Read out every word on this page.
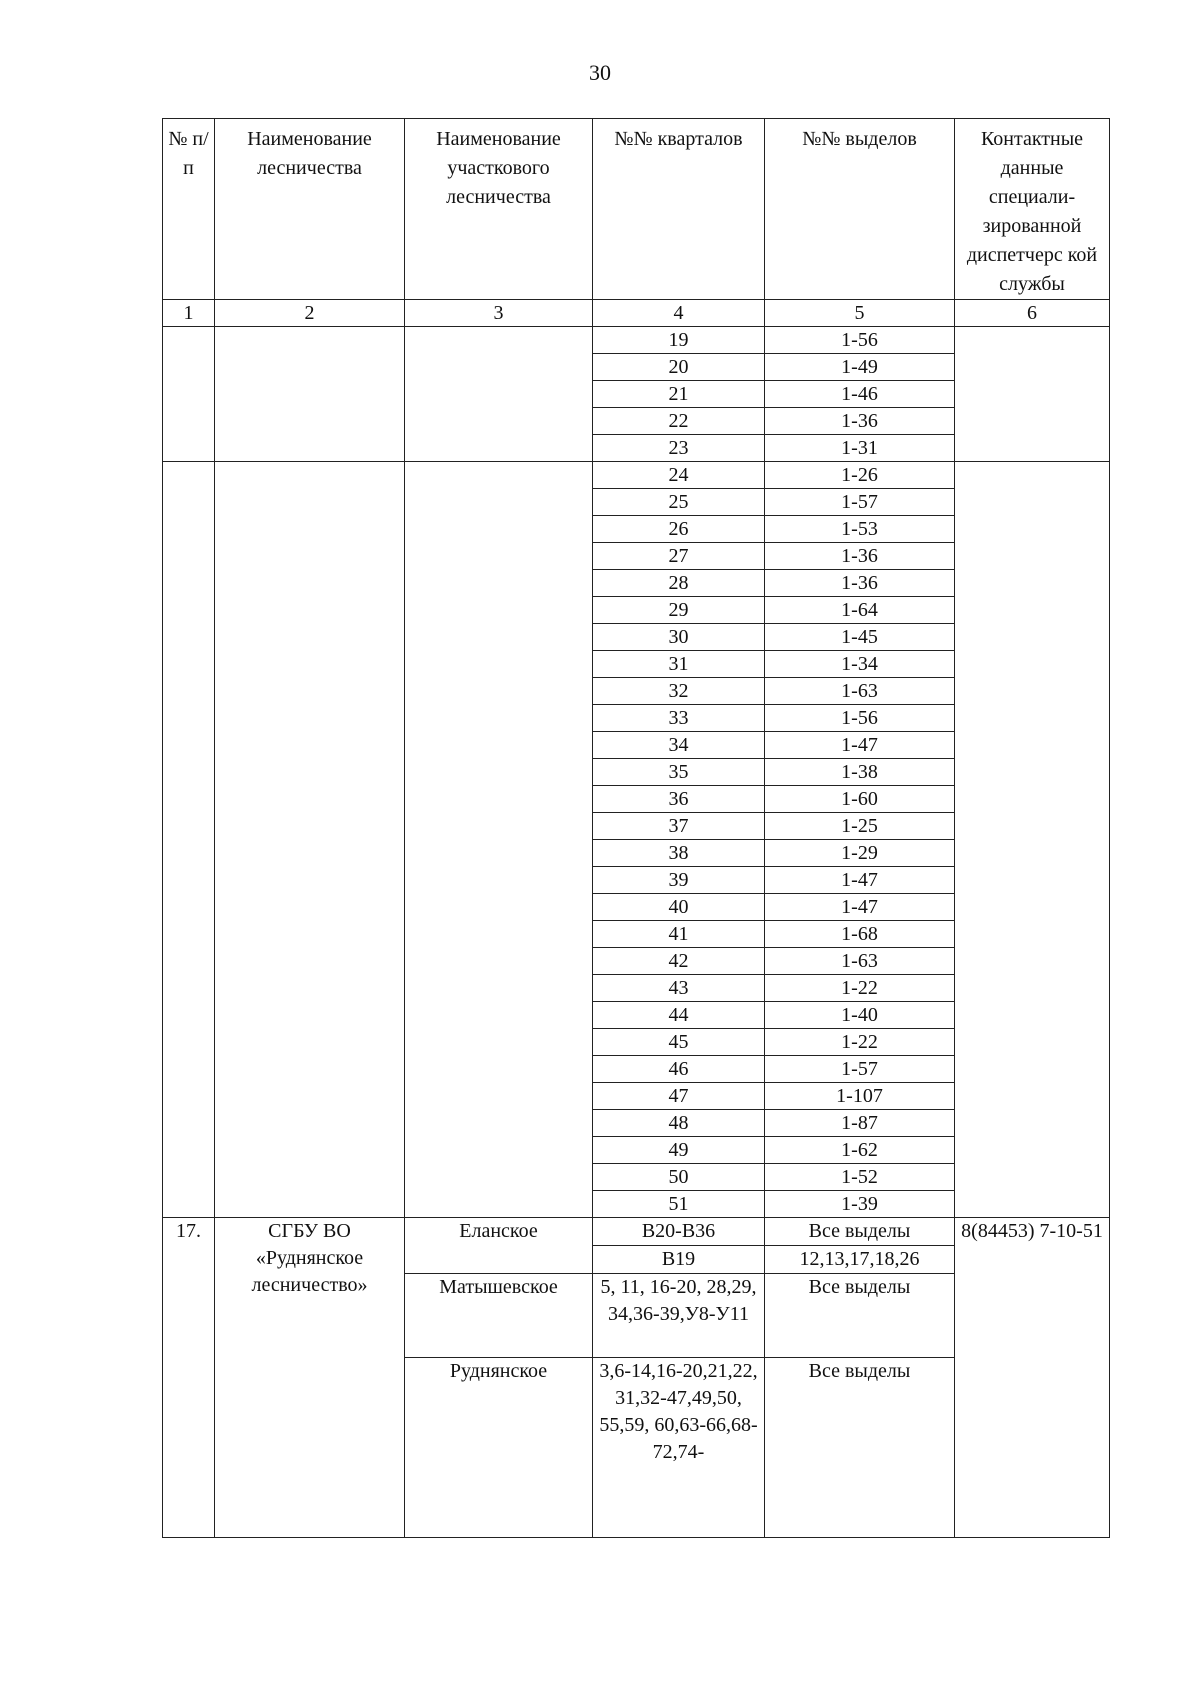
30
№ п/п	Наименование лесничества	Наименование участкового лесничества	№№ кварталов	№№ выделов	Контактные данные специали-зированной диспетчерс кой службы
1	2	3	4	5	6
			19	1-56	
			20	1-49	
			21	1-46	
			22	1-36	
			23	1-31	
			24	1-26	
			25	1-57	
			26	1-53	
			27	1-36	
			28	1-36	
			29	1-64	
			30	1-45	
			31	1-34	
			32	1-63	
			33	1-56	
			34	1-47	
			35	1-38	
			36	1-60	
			37	1-25	
			38	1-29	
			39	1-47	
			40	1-47	
			41	1-68	
			42	1-63	
			43	1-22	
			44	1-40	
			45	1-22	
			46	1-57	
			47	1-107	
			48	1-87	
			49	1-62	
			50	1-52	
			51	1-39	
17.	СГБУ ВО «Руднянское лесничество»	Еланское	В20-В36	Все выделы	8(84453) 7-10-51
			В19	12,13,17,18,26	
		Матышевское	5, 11, 16-20, 28,29, 34,36-39,У8-У11	Все выделы	
		Руднянское	3,6-14,16-20,21,22, 31,32-47,49,50, 55,59, 60,63-66,68-72,74-	Все выделы	
